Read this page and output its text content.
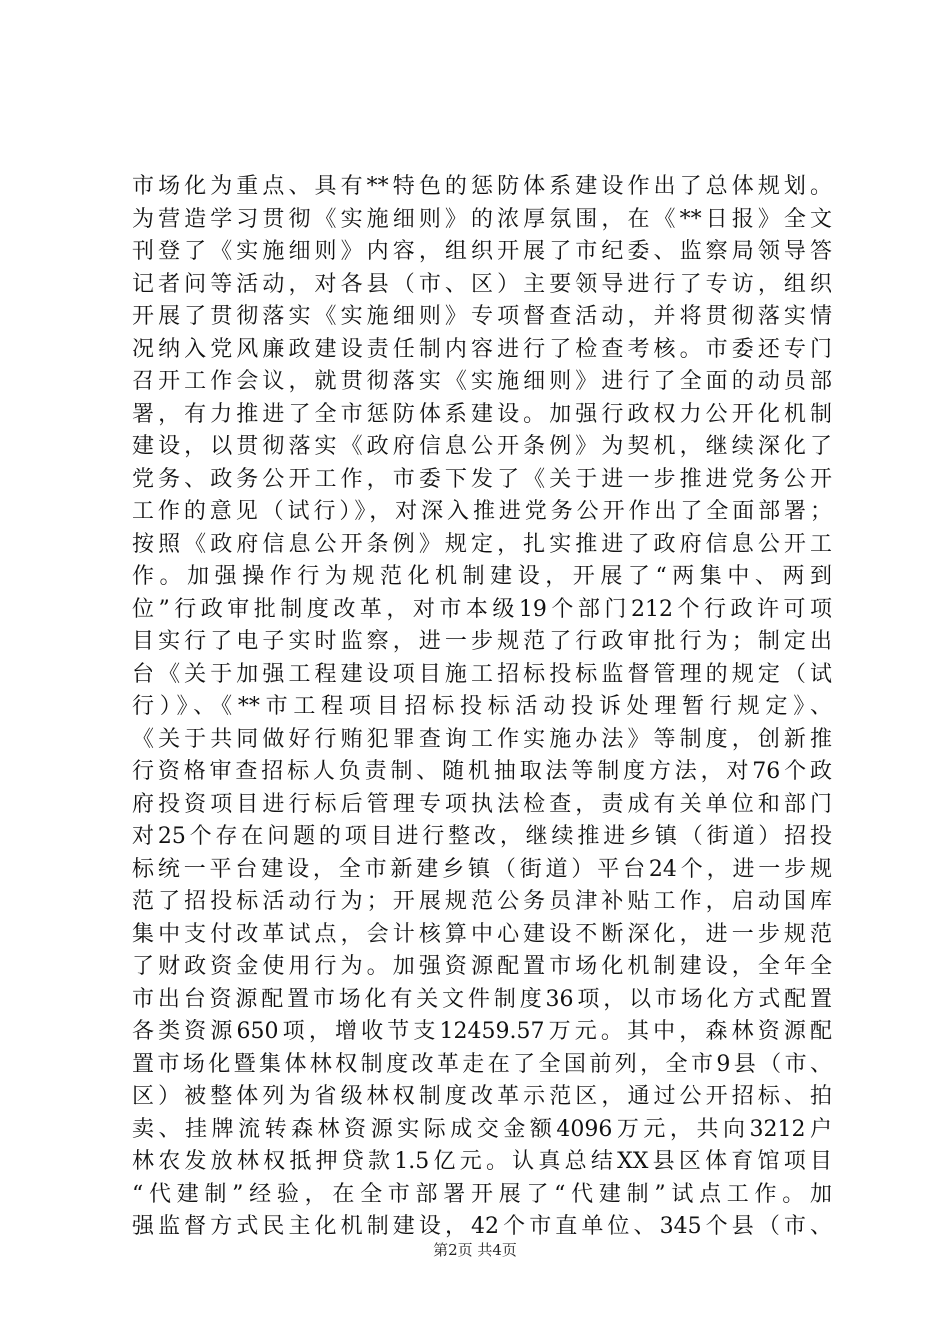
市场化为重点、具有**特色的惩防体系建设作出了总体规划。
为营造学习贯彻《实施细则》的浓厚氛围，在《**日报》全文
刊登了《实施细则》内容，组织开展了市纪委、监察局领导答
记者问等活动，对各县（市、区）主要领导进行了专访，组织
开展了贯彻落实《实施细则》专项督查活动，并将贯彻落实情
况纳入党风廉政建设责任制内容进行了检查考核。市委还专门
召开工作会议，就贯彻落实《实施细则》进行了全面的动员部
署，有力推进了全市惩防体系建设。加强行政权力公开化机制
建设，以贯彻落实《政府信息公开条例》为契机，继续深化了
党务、政务公开工作，市委下发了《关于进一步推进党务公开
工作的意见（试行）》，对深入推进党务公开作出了全面部署；
按照《政府信息公开条例》规定，扎实推进了政府信息公开工
作。加强操作行为规范化机制建设，开展了“两集中、两到
位”行政审批制度改革，对市本级19个部门212个行政许可项
目实行了电子实时监察，进一步规范了行政审批行为；制定出
台《关于加强工程建设项目施工招标投标监督管理的规定（试
行）》、《**市工程项目招标投标活动投诉处理暂行规定》、
《关于共同做好行贿犯罪查询工作实施办法》等制度，创新推
行资格审查招标人负责制、随机抽取法等制度方法，对76个政
府投资项目进行标后管理专项执法检查，责成有关单位和部门
对25个存在问题的项目进行整改，继续推进乡镇（街道）招投
标统一平台建设，全市新建乡镇（街道）平台24个，进一步规
范了招投标活动行为；开展规范公务员津补贴工作，启动国库
集中支付改革试点，会计核算中心建设不断深化，进一步规范
了财政资金使用行为。加强资源配置市场化机制建设，全年全
市出台资源配置市场化有关文件制度36项，以市场化方式配置
各类资源650项，增收节支12459.57万元。其中，森林资源配
置市场化暨集体林权制度改革走在了全国前列，全市9县（市、
区）被整体列为省级林权制度改革示范区，通过公开招标、拍
卖、挂牌流转森林资源实际成交金额4096万元，共向3212户
林农发放林权抵押贷款1.5亿元。认真总结XX县区体育馆项目
“代建制”经验，在全市部署开展了“代建制”试点工作。加
强监督方式民主化机制建设，42个市直单位、345个县（市、
第2页 共4页
